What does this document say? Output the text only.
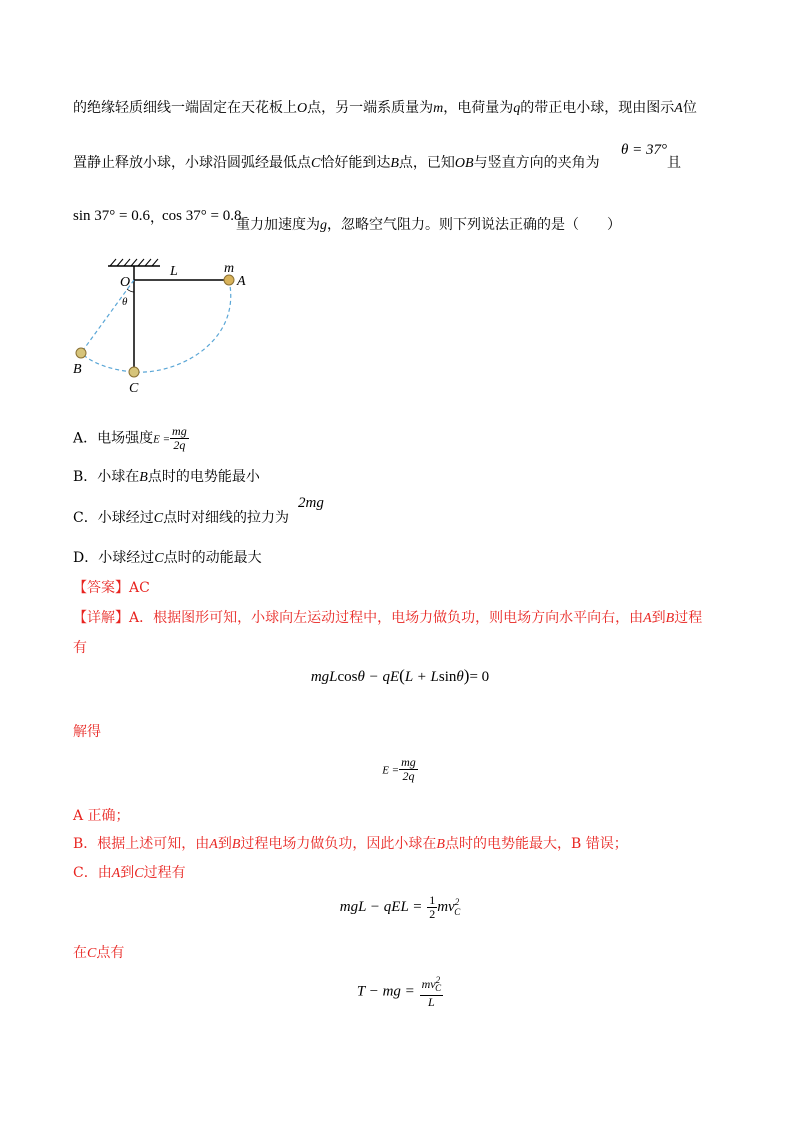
的绝缘轻质细线一端固定在天花板上O点，另一端系质量为m，电荷量为q的带正电小球，现由图示A位
置静止释放小球，小球沿圆弧经最低点C恰好能到达B点，已知OB与竖直方向的夹角为
θ = 37°
且
sin 37° = 0.6 ，
cos 37° = 0.8
重力加速度为g，忽略空气阻力。则下列说法正确的是（　　）
L	m
O	A
θ
B
C
A．电场强度$E = \frac{mg}{2q}$
B．小球在B点时的电势能最小
C．小球经过C点时对细线的拉力为
2mg
D．小球经过C点时的动能最大
【答案】AC
【详解】A．根据图形可知，小球向左运动过程中，电场力做负功，则电场方向水平向右，由A到B过程
有
mgLcosθ − qE(L + Lsinθ)= 0
解得
$E = \frac{mg}{2q}$
A 正确；
B．根据上述可知，由A到B过程电场力做负功，因此小球在B点时的电势能最大，B 错误；
C．由A到C过程有
mgL − qEL = $\frac{1}{2} mv^2_C$
在C点有
T − mg = $\frac{mv^2_C}{L}$
